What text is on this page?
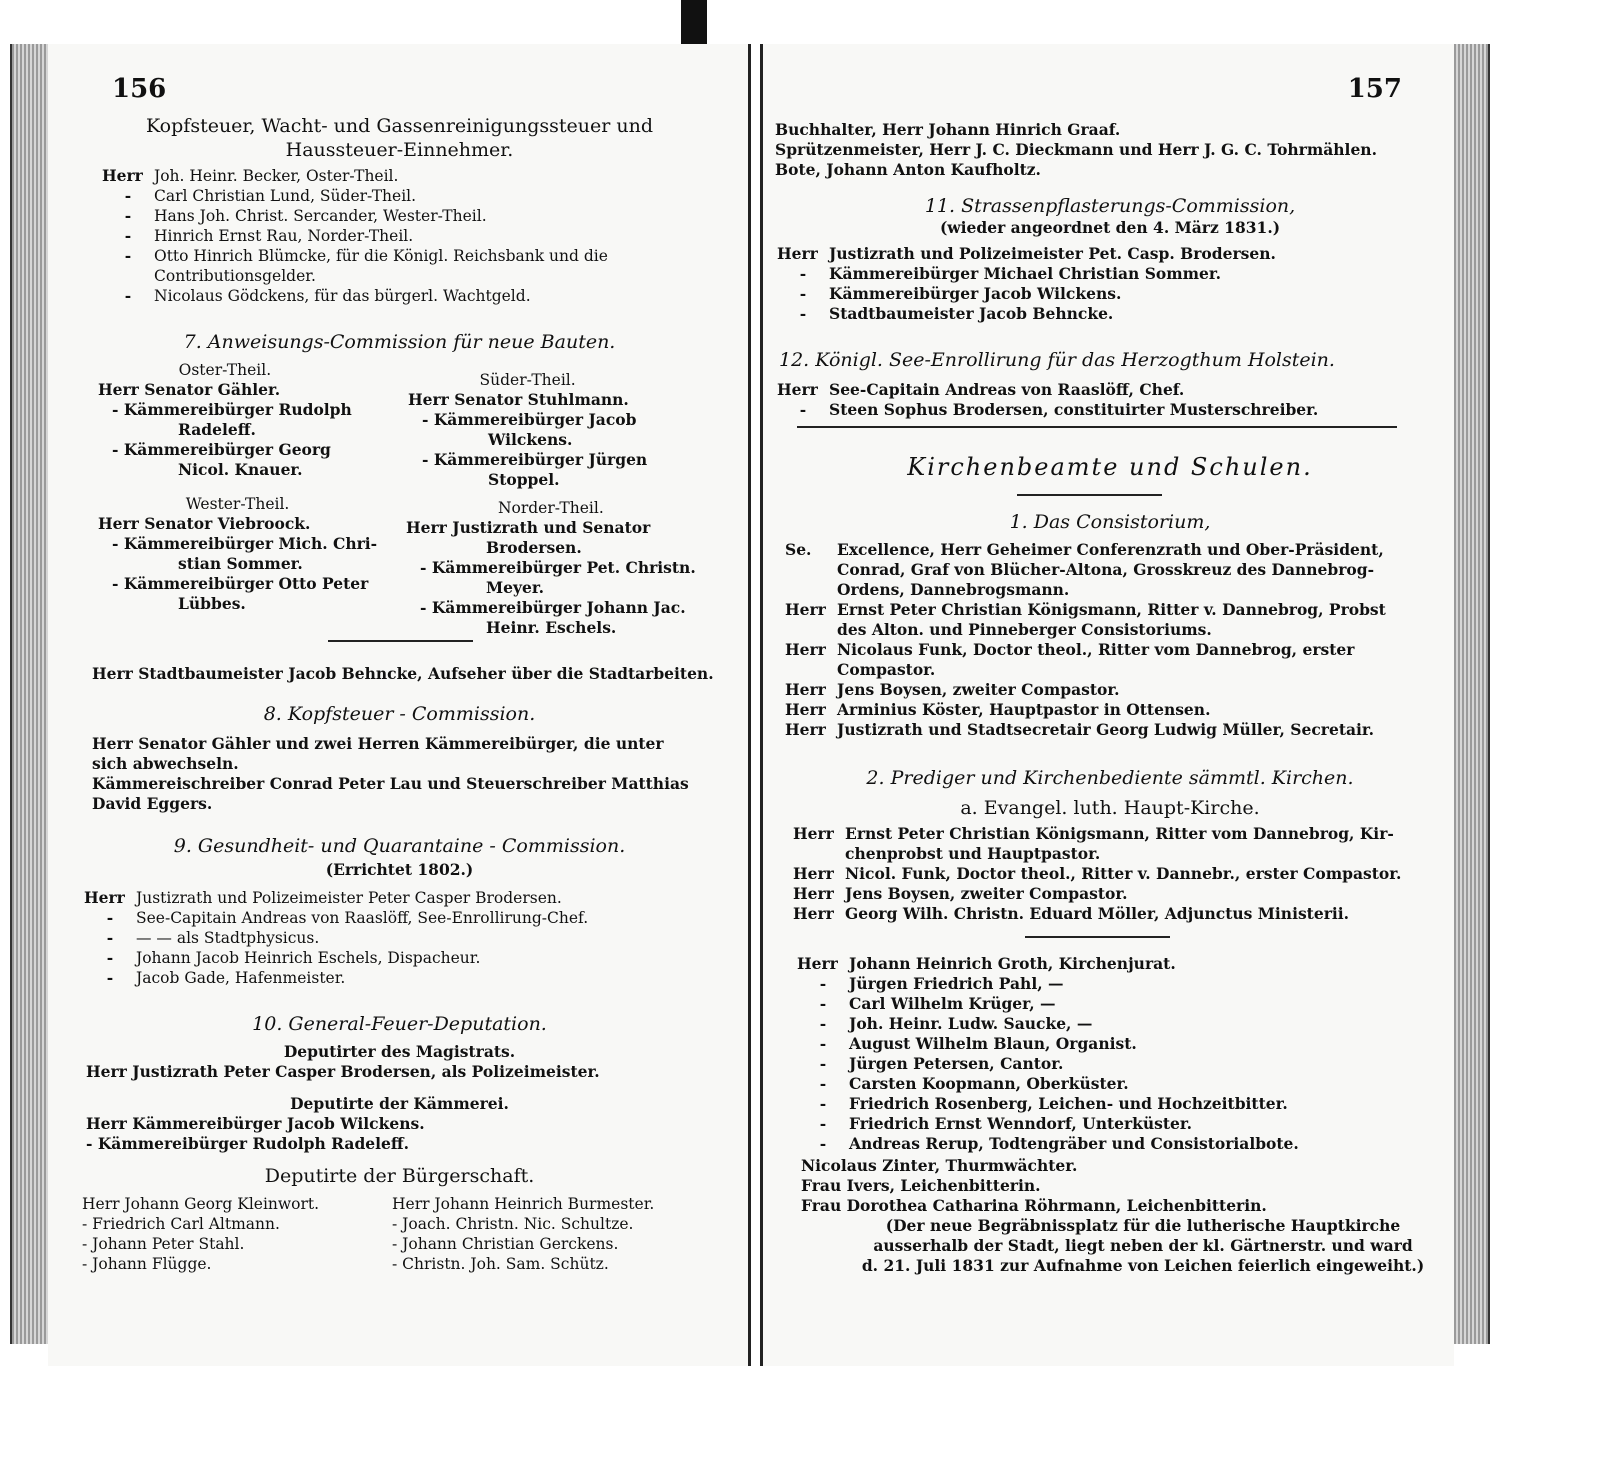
156
Kopfsteuer, Wacht- und Gassenreinigungssteuer und
Haussteuer-Einnehmer.
Herr Joh. Heinr. Becker, Oster-Theil.
-	Carl Christian Lund, Süder-Theil.
-	Hans Joh. Christ. Sercander, Wester-Theil.
-	Hinrich Ernst Rau, Norder-Theil.
-	Otto Hinrich Blümcke, für die Königl. Reichsbank und die
Contributionsgelder.
-	Nicolaus Gödckens, für das bürgerl. Wachtgeld.
7. Anweisungs-Commission für neue Bauten.
Oster-Theil.
Herr Senator Gähler.
- Kämmereibürger Rudolph
Radeleff.
- Kämmereibürger Georg
Nicol. Knauer.
Süder-Theil.
Herr Senator Stuhlmann.
- Kämmereibürger Jacob
Wilckens.
- Kämmereibürger Jürgen
Stoppel.
Wester-Theil.
Herr Senator Viebroock.
- Kämmereibürger Mich. Chri-
stian Sommer.
- Kämmereibürger Otto Peter
Lübbes.
Norder-Theil.
Herr Justizrath und Senator
Brodersen.
- Kämmereibürger Pet. Christn.
Meyer.
- Kämmereibürger Johann Jac.
Heinr. Eschels.
Herr Stadtbaumeister Jacob Behncke, Aufseher über die Stadtarbeiten.
8. Kopfsteuer - Commission.
Herr Senator Gähler und zwei Herren Kämmereibürger, die unter
sich abwechseln.
Kämmereischreiber Conrad Peter Lau und Steuerschreiber Matthias
David Eggers.
9. Gesundheit- und Quarantaine - Commission.
(Errichtet 1802.)
Herr Justizrath und Polizeimeister Peter Casper Brodersen.
-	See-Capitain Andreas von Raaslöff, See-Enrollirung-Chef.
-	— — als Stadtphysicus.
-	Johann Jacob Heinrich Eschels, Dispacheur.
-	Jacob Gade, Hafenmeister.
10. General-Feuer-Deputation.
Deputirter des Magistrats.
Herr Justizrath Peter Casper Brodersen, als Polizeimeister.
Deputirte der Kämmerei.
Herr Kämmereibürger Jacob Wilckens.
- Kämmereibürger Rudolph Radeleff.
Deputirte der Bürgerschaft.
Herr Johann Georg Kleinwort.
- Friedrich Carl Altmann.
- Johann Peter Stahl.
- Johann Flügge.
Herr Johann Heinrich Burmester.
- Joach. Christn. Nic. Schultze.
- Johann Christian Gerckens.
- Christn. Joh. Sam. Schütz.
157
Buchhalter, Herr Johann Hinrich Graaf.
Sprützenmeister, Herr J. C. Dieckmann und Herr J. G. C. Tohrmählen.
Bote, Johann Anton Kaufholtz.
11. Strassenpflasterungs-Commission,
(wieder angeordnet den 4. März 1831.)
Herr Justizrath und Polizeimeister Pet. Casp. Brodersen.
-	Kämmereibürger Michael Christian Sommer.
-	Kämmereibürger Jacob Wilckens.
-	Stadtbaumeister Jacob Behncke.
12. Königl. See-Enrollirung für das Herzogthum Holstein.
Herr See-Capitain Andreas von Raaslöff, Chef.
-	Steen Sophus Brodersen, constituirter Musterschreiber.
Kirchenbeamte und Schulen.
1. Das Consistorium,
Se.	Excellence, Herr Geheimer Conferenzrath und Ober-Präsident,
Conrad, Graf von Blücher-Altona, Grosskreuz des Dannebrog-
Ordens, Dannebrogsmann.
Herr Ernst Peter Christian Königsmann, Ritter v. Dannebrog, Probst
des Alton. und Pinneberger Consistoriums.
Herr Nicolaus Funk, Doctor theol., Ritter vom Dannebrog, erster
Compastor.
Herr Jens Boysen, zweiter Compastor.
Herr Arminius Köster, Hauptpastor in Ottensen.
Herr Justizrath und Stadtsecretair Georg Ludwig Müller, Secretair.
2. Prediger und Kirchenbediente sämmtl. Kirchen.
a. Evangel. luth. Haupt-Kirche.
Herr Ernst Peter Christian Königsmann, Ritter vom Dannebrog, Kir-
chenprobst und Hauptpastor.
Herr Nicol. Funk, Doctor theol., Ritter v. Dannebr., erster Compastor.
Herr Jens Boysen, zweiter Compastor.
Herr Georg Wilh. Christn. Eduard Möller, Adjunctus Ministerii.
Herr Johann Heinrich Groth, Kirchenjurat.
-	Jürgen Friedrich Pahl, —
-	Carl Wilhelm Krüger, —
-	Joh. Heinr. Ludw. Saucke, —
-	August Wilhelm Blaun, Organist.
-	Jürgen Petersen, Cantor.
-	Carsten Koopmann, Oberküster.
-	Friedrich Rosenberg, Leichen- und Hochzeitbitter.
-	Friedrich Ernst Wenndorf, Unterküster.
-	Andreas Rerup, Todtengräber und Consistorialbote.
Nicolaus Zinter, Thurmwächter.
Frau Ivers, Leichenbitterin.
Frau Dorothea Catharina Röhrmann, Leichenbitterin.
(Der neue Begräbnissplatz für die lutherische Hauptkirche
ausserhalb der Stadt, liegt neben der kl. Gärtnerstr. und ward
d. 21. Juli 1831 zur Aufnahme von Leichen feierlich eingeweiht.)
